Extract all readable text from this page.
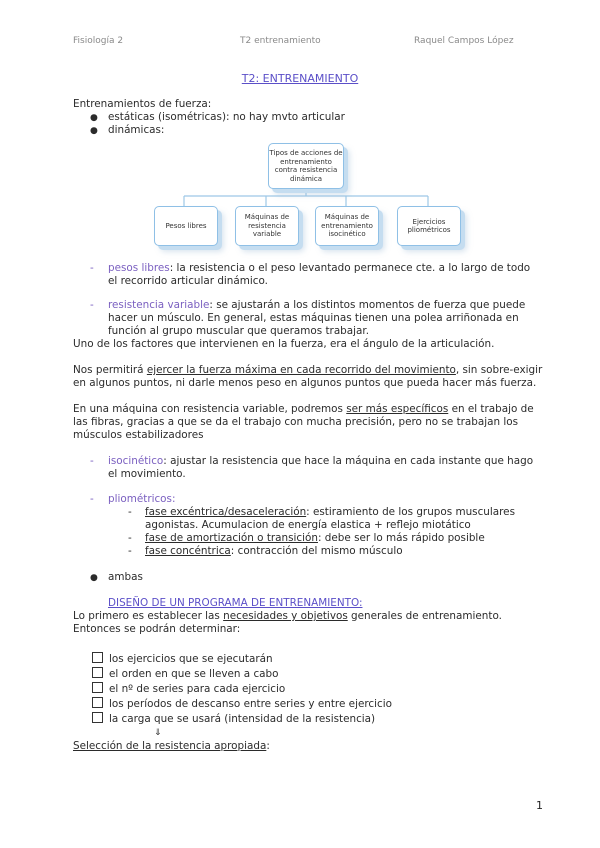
Fisiología 2	T2 entrenamiento	Raquel Campos López
T2: ENTRENAMIENTO
Entrenamientos de fuerza:
● estáticas (isométricas): no hay mvto articular
● dinámicas:
Tipos de acciones de entrenamiento contra resistencia dinámica
Pesos libres
Máquinas de resistencia variable
Máquinas de entrenamiento isocinético
Ejercicios pliométricos
- pesos libres: la resistencia o el peso levantado permanece cte. a lo largo de todo
el recorrido articular dinámico.
- resistencia variable: se ajustarán a los distintos momentos de fuerza que puede
hacer un músculo. En general, estas máquinas tienen una polea arriñonada en
función al grupo muscular que queramos trabajar.
Uno de los factores que intervienen en la fuerza, era el ángulo de la articulación.
Nos permitirá ejercer la fuerza máxima en cada recorrido del movimiento, sin sobre-exigir
en algunos puntos, ni darle menos peso en algunos puntos que pueda hacer más fuerza.
En una máquina con resistencia variable, podremos ser más específicos en el trabajo de
las fibras, gracias a que se da el trabajo con mucha precisión, pero no se trabajan los
músculos estabilizadores
- isocinético: ajustar la resistencia que hace la máquina en cada instante que hago
el movimiento.
- pliométricos:
- fase excéntrica/desaceleración: estiramiento de los grupos musculares
agonistas. Acumulacion de energía elastica + reflejo miotático
- fase de amortización o transición: debe ser lo más rápido posible
- fase concéntrica: contracción del mismo músculo
● ambas
DISEÑO DE UN PROGRAMA DE ENTRENAMIENTO:
Lo primero es establecer las necesidades y objetivos generales de entrenamiento.
Entonces se podrán determinar:
los ejercicios que se ejecutarán
el orden en que se lleven a cabo
el nº de series para cada ejercicio
los períodos de descanso entre series y entre ejercicio
la carga que se usará (intensidad de la resistencia)
⇓
Selección de la resistencia apropiada:
1
